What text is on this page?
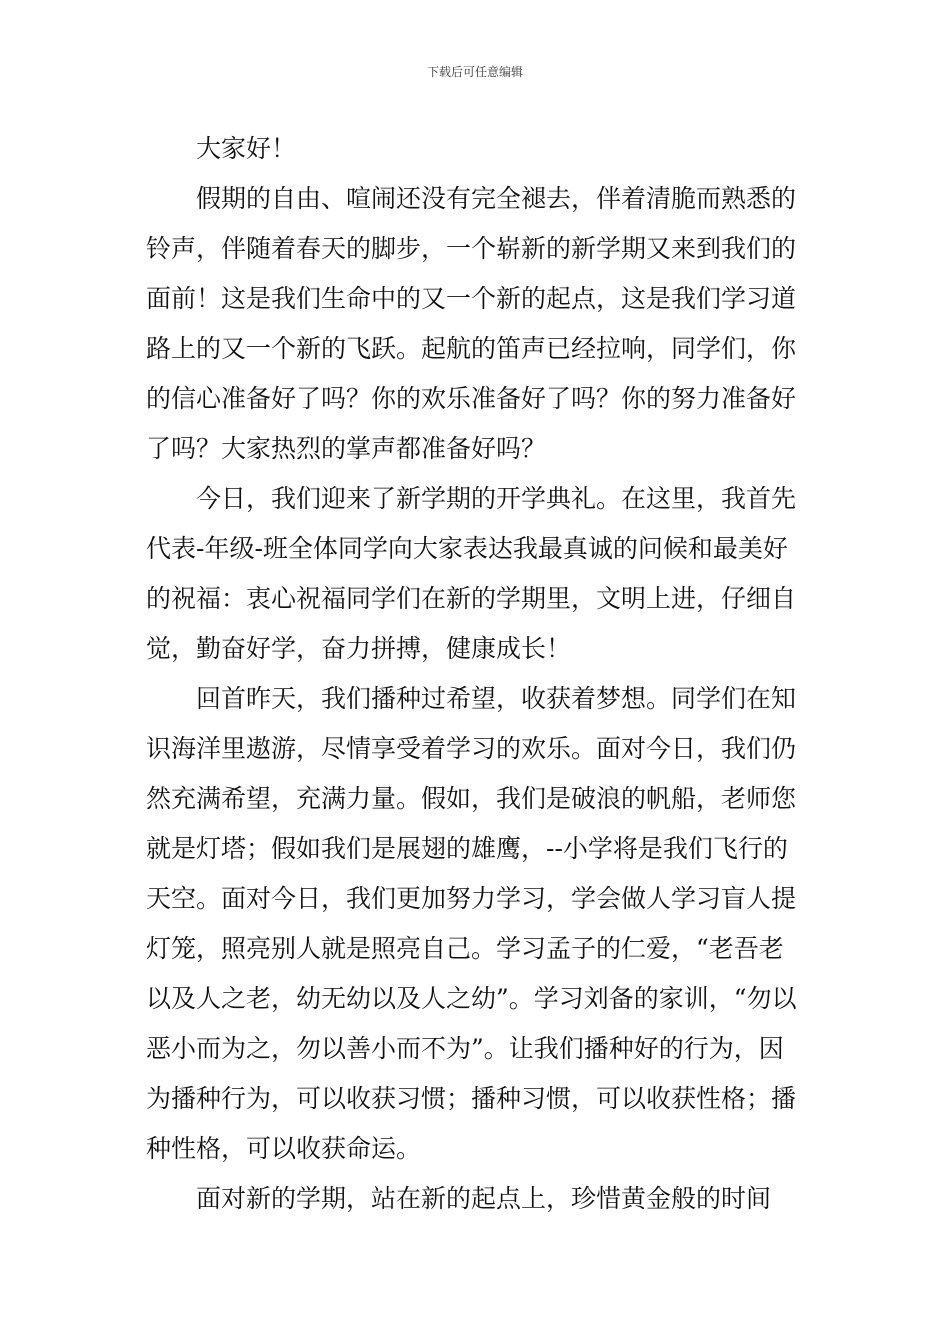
下载后可任意编辑

大家好！

假期的自由、喧闹还没有完全褪去，伴着清脆而熟悉的铃声，伴随着春天的脚步，一个崭新的新学期又来到我们的面前！这是我们生命中的又一个新的起点，这是我们学习道路上的又一个新的飞跃。起航的笛声已经拉响，同学们，你的信心准备好了吗？你的欢乐准备好了吗？你的努力准备好了吗？大家热烈的掌声都准备好吗？

今日，我们迎来了新学期的开学典礼。在这里，我首先代表-年级-班全体同学向大家表达我最真诚的问候和最美好的祝福：衷心祝福同学们在新的学期里，文明上进，仔细自觉，勤奋好学，奋力拼搏，健康成长！

回首昨天，我们播种过希望，收获着梦想。同学们在知识海洋里遨游，尽情享受着学习的欢乐。面对今日，我们仍然充满希望，充满力量。假如，我们是破浪的帆船，老师您就是灯塔；假如我们是展翅的雄鹰，--小学将是我们飞行的天空。面对今日，我们更加努力学习，学会做人学习盲人提灯笼，照亮别人就是照亮自己。学习孟子的仁爱，“老吾老以及人之老，幼无幼以及人之幼”。学习刘备的家训，“勿以恶小而为之，勿以善小而不为”。让我们播种好的行为，因为播种行为，可以收获习惯；播种习惯，可以收获性格；播种性格，可以收获命运。

面对新的学期，站在新的起点上，珍惜黄金般的时间
